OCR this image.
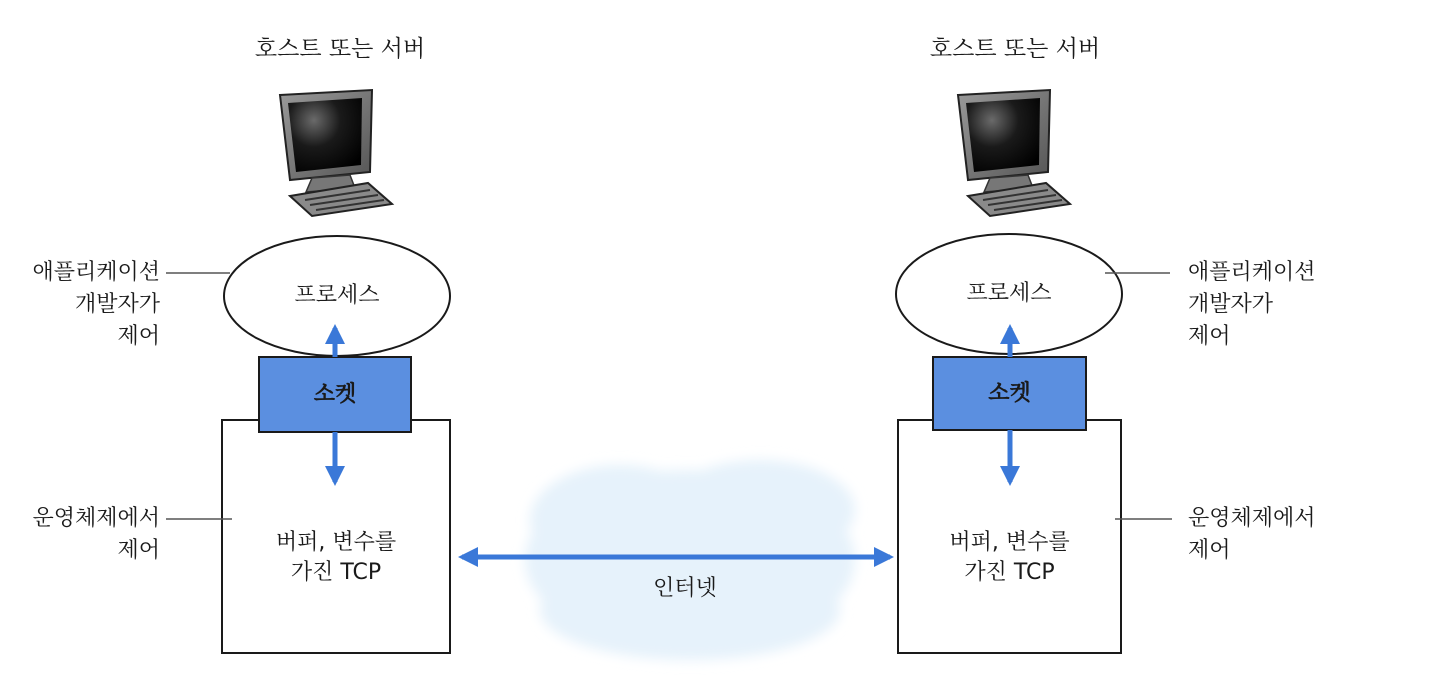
호스트 또는 서버
프로세스
소켓
버퍼, 변수를
가진 TCP
애플리케이션
개발자가
제어
운영체제에서
제어
호스트 또는 서버
프로세스
소켓
버퍼, 변수를
가진 TCP
애플리케이션
개발자가
제어
운영체제에서
제어
인터넷
